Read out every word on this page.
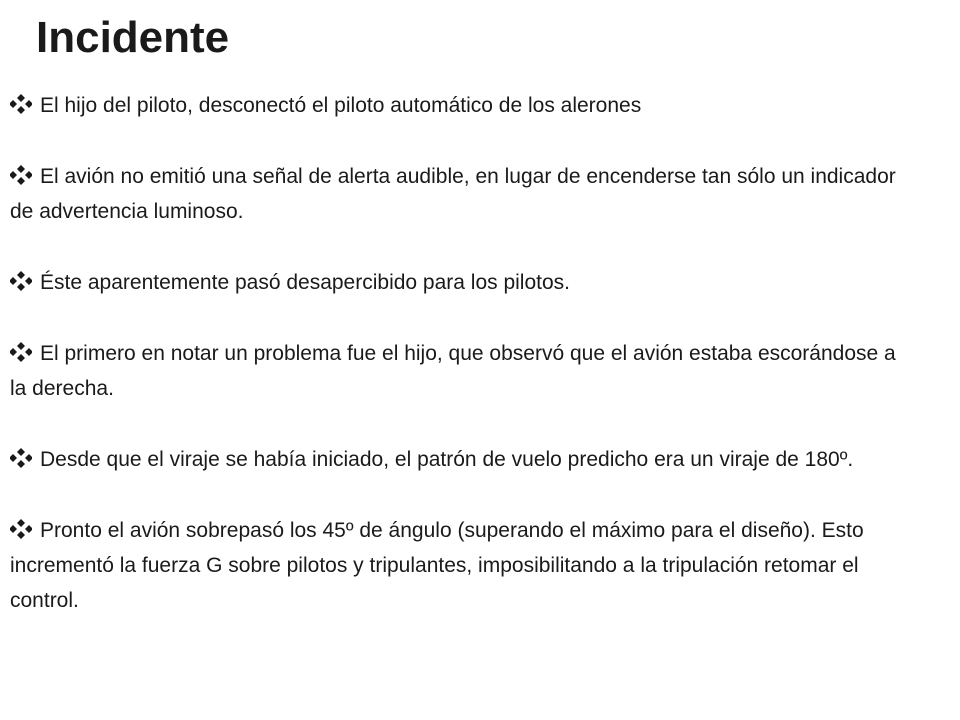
Incidente
El hijo del piloto, desconectó el piloto automático de los alerones
El avión no emitió una señal de alerta audible, en lugar de encenderse tan sólo un indicador de advertencia luminoso.
Éste aparentemente pasó desapercibido para los pilotos.
El primero en notar un problema fue el hijo, que observó que el avión estaba escorándose a la derecha.
Desde que el viraje se había iniciado, el patrón de vuelo predicho era un viraje de 180º.
Pronto el avión sobrepasó los 45º de ángulo (superando el máximo para el diseño). Esto incrementó la fuerza G sobre pilotos y tripulantes, imposibilitando a la tripulación retomar el control.
